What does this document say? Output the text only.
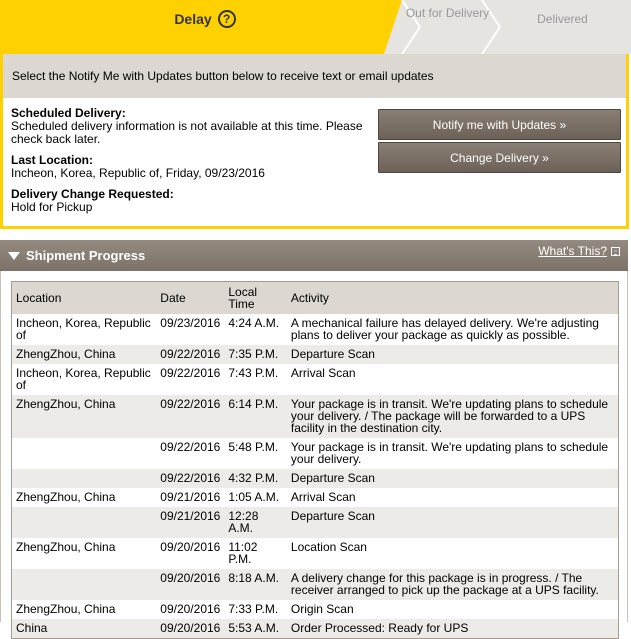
Delay ?	Out for Delivery	Delivered
Select the Notify Me with Updates button below to receive text or email updates
Scheduled Delivery:
Scheduled delivery information is not available at this time. Please check back later.
Last Location:
Incheon, Korea, Republic of, Friday, 09/23/2016
Delivery Change Requested:
Hold for Pickup
Notify me with Updates »
Change Delivery »
Shipment Progress	What's This?	▫
Location	Date	Local Time	Activity
Incheon, Korea, Republic of	09/23/2016	4:24 A.M.	A mechanical failure has delayed delivery. We're adjusting plans to deliver your package as quickly as possible.
ZhengZhou, China	09/22/2016	7:35 P.M.	Departure Scan
Incheon, Korea, Republic of	09/22/2016	7:43 P.M.	Arrival Scan
ZhengZhou, China	09/22/2016	6:14 P.M.	Your package is in transit. We're updating plans to schedule your delivery. / The package will be forwarded to a UPS facility in the destination city.
	09/22/2016	5:48 P.M.	Your package is in transit. We're updating plans to schedule your delivery.
	09/22/2016	4:32 P.M.	Departure Scan
ZhengZhou, China	09/21/2016	1:05 A.M.	Arrival Scan
	09/21/2016	12:28 A.M.	Departure Scan
ZhengZhou, China	09/20/2016	11:02 P.M.	Location Scan
	09/20/2016	8:18 A.M.	A delivery change for this package is in progress. / The receiver arranged to pick up the package at a UPS facility.
ZhengZhou, China	09/20/2016	7:33 P.M.	Origin Scan
China	09/20/2016	5:53 A.M.	Order Processed: Ready for UPS
